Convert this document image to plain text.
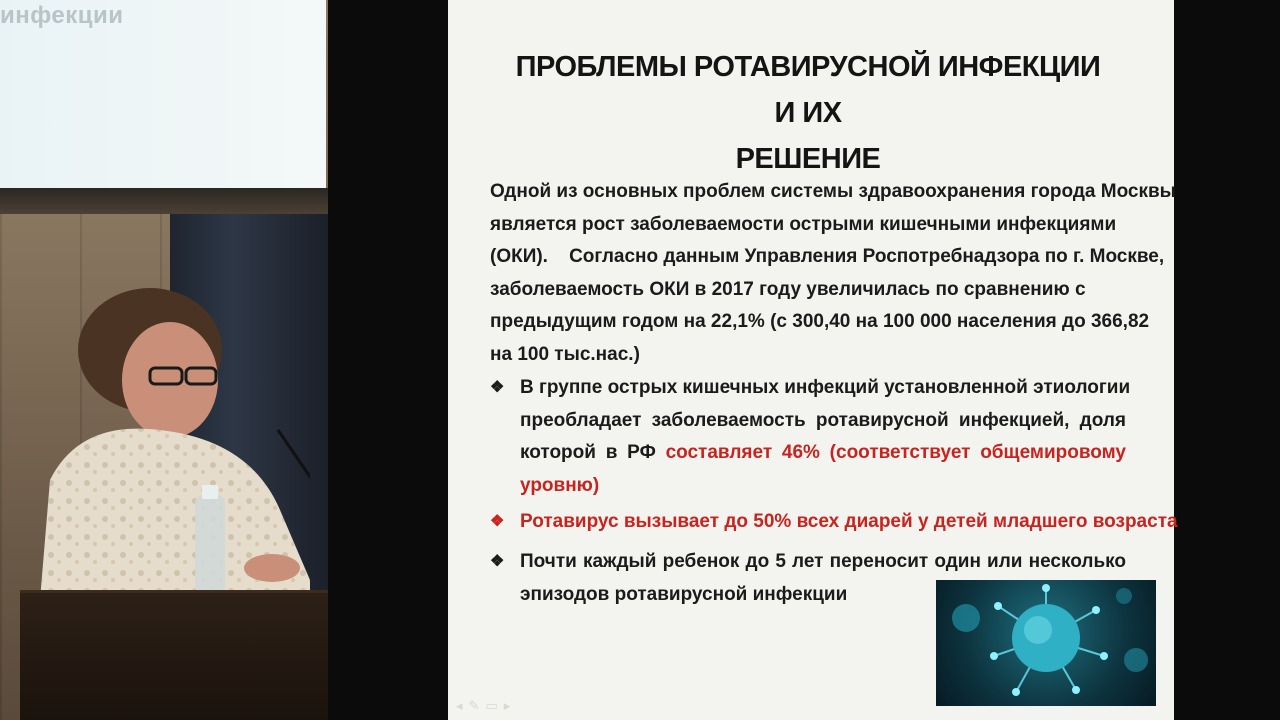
инфекции
ПРОБЛЕМЫ РОТАВИРУСНОЙ ИНФЕКЦИИ И ИХ
РЕШЕНИЕ
Одной из основных проблем системы здравоохранения города Москвы
является рост заболеваемости острыми кишечными инфекциями
(ОКИ).    Согласно данным Управления Роспотребнадзора по г. Москве,
заболеваемость ОКИ в 2017 году увеличилась по сравнению с
предыдущим годом на 22,1% (с 300,40 на 100 000 населения до 366,82
на 100 тыс.нас.)
❖ В группе острых кишечных инфекций установленной этиологии
преобладает заболеваемость ротавирусной инфекцией, доля
которой в РФ составляет 46% (соответствует общемировому
уровню)
❖ Ротавирус вызывает до 50% всех диарей у детей младшего возраста
❖ Почти каждый ребенок до 5 лет переносит один или несколько
эпизодов ротавирусной инфекции
◂✎▭▸
